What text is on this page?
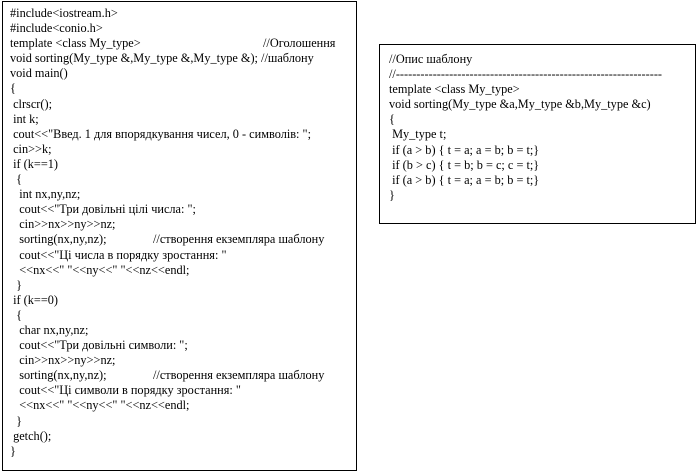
#include<iostream.h>
#include<conio.h>
template <class My_type>	//Оголошення
void sorting(My_type &,My_type &,My_type &); //шаблону
void main()
{
clrscr();
int k;
cout<<"Введ. 1 для впорядкування чисел, 0 - символів: ";
cin>>k;
if (k==1)
{
int nx,ny,nz;
cout<<"Три довільні цілі числа: ";
cin>>nx>>ny>>nz;
sorting(nx,ny,nz);	//створення екземпляра шаблону
cout<<"Ці числа в порядку зростання: "
<<nx<<" "<<ny<<" "<<nz<<endl;
}
if (k==0)
{
char nx,ny,nz;
cout<<"Три довільні символи: ";
cin>>nx>>ny>>nz;
sorting(nx,ny,nz);	//створення екземпляра шаблону
cout<<"Ці символи в порядку зростання: "
<<nx<<" "<<ny<<" "<<nz<<endl;
}
getch();
}
//Опис шаблону
//-----------------------------------------------------------------
template <class My_type>
void sorting(My_type &a,My_type &b,My_type &c)
{
My_type t;
if (a > b) { t = a; a = b; b = t;}
if (b > c) { t = b; b = c; c = t;}
if (a > b) { t = a; a = b; b = t;}
}
